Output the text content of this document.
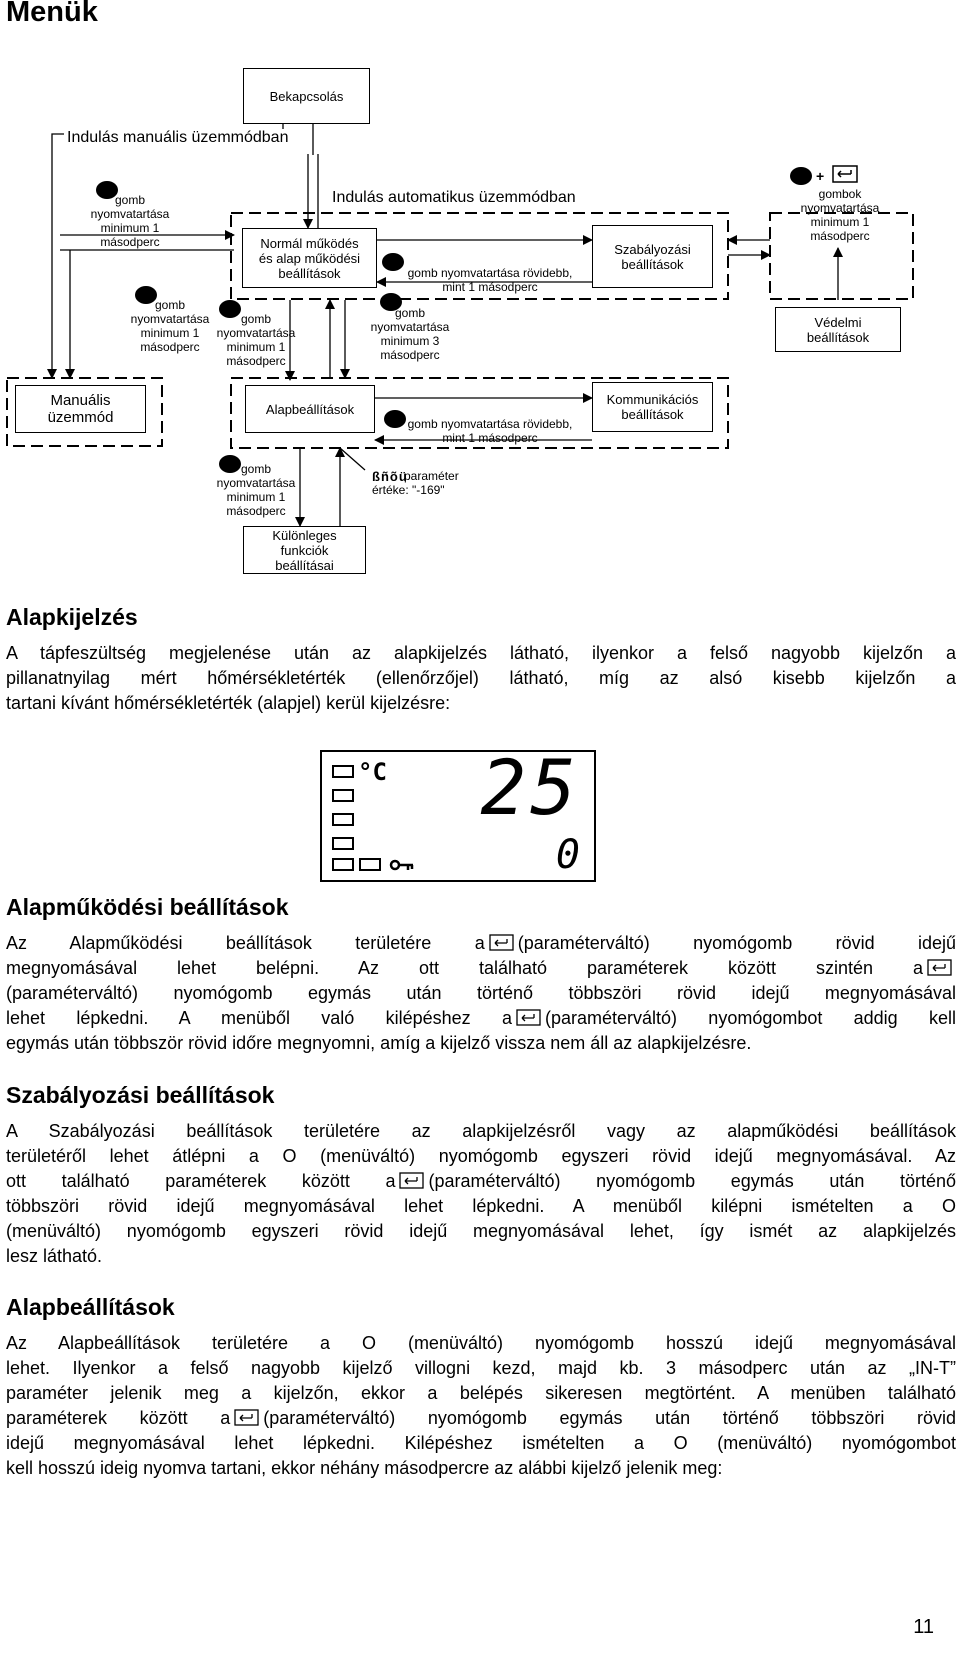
Menük
Bekapcsolás
Indulás manuális üzemmódban
Indulás automatikus üzemmódban
Normál működés
és alap működési
beállítások
Szabályozási
beállítások
Védelmi
beállítások
Manuális
üzemmód	Alapbeállítások
Kommunikációs
beállítások
Különleges
funkciók
beállításai
gomb
nyomvatartása
minimum 1
másodperc
gomb
nyomvatartása
minimum 1
másodperc
gomb
nyomvatartása
minimum 1
másodperc
gomb nyomvatartása rövidebb,
mint 1 másodperc
gomb
nyomvatartása
minimum 3
másodperc
+
gombok
nyomvatartása
minimum 1
másodperc
gomb nyomvatartása rövidebb,
mint 1 másodperc
gomb
nyomvatartása
minimum 1
másodperc
ßñõü
paraméter
értéke: "-169"
Alapkijelzés
A tápfeszültség megjelenése után az alapkijelzés látható, ilyenkor a felső nagyobb kijelzőn a
pillanatnyilag mért hőmérsékletérték (ellenőrzőjel) látható, míg az alsó kisebb kijelzőn a
tartani kívánt hőmérsékletérték (alapjel) kerül kijelzésre:
°C 25
0
Alapműködési beállítások
Az Alapműködési beállítások területére a (paraméterváltó) nyomógomb rövid idejű
megnyomásával lehet belépni. Az ott található paraméterek között szintén a
(paraméterváltó) nyomógomb egymás után történő többszöri rövid idejű megnyomásával
lehet lépkedni. A menüből való kilépéshez a (paraméterváltó) nyomógombot addig kell
egymás után többször rövid időre megnyomni, amíg a kijelző vissza nem áll az alapkijelzésre.
Szabályozási beállítások
A Szabályozási beállítások területére az alapkijelzésről vagy az alapműködési beállítások
területéről lehet átlépni a O (menüváltó) nyomógomb egyszeri rövid idejű megnyomásával. Az
ott található paraméterek között a (paraméterváltó) nyomógomb egymás után történő
többszöri rövid idejű megnyomásával lehet lépkedni. A menüből kilépni ismételten a O
(menüváltó) nyomógomb egyszeri rövid idejű megnyomásával lehet, így ismét az alapkijelzés
lesz látható.
Alapbeállítások
Az Alapbeállítások területére a O (menüváltó) nyomógomb hosszú idejű megnyomásával
lehet. Ilyenkor a felső nagyobb kijelző villogni kezd, majd kb. 3 másodperc után az „IN-T”
paraméter jelenik meg a kijelzőn, ekkor a belépés sikeresen megtörtént. A menüben található
paraméterek között a (paraméterváltó) nyomógomb egymás után történő többszöri rövid
idejű megnyomásával lehet lépkedni. Kilépéshez ismételten a O (menüváltó) nyomógombot
kell hosszú ideig nyomva tartani, ekkor néhány másodpercre az alábbi kijelző jelenik meg:
11
